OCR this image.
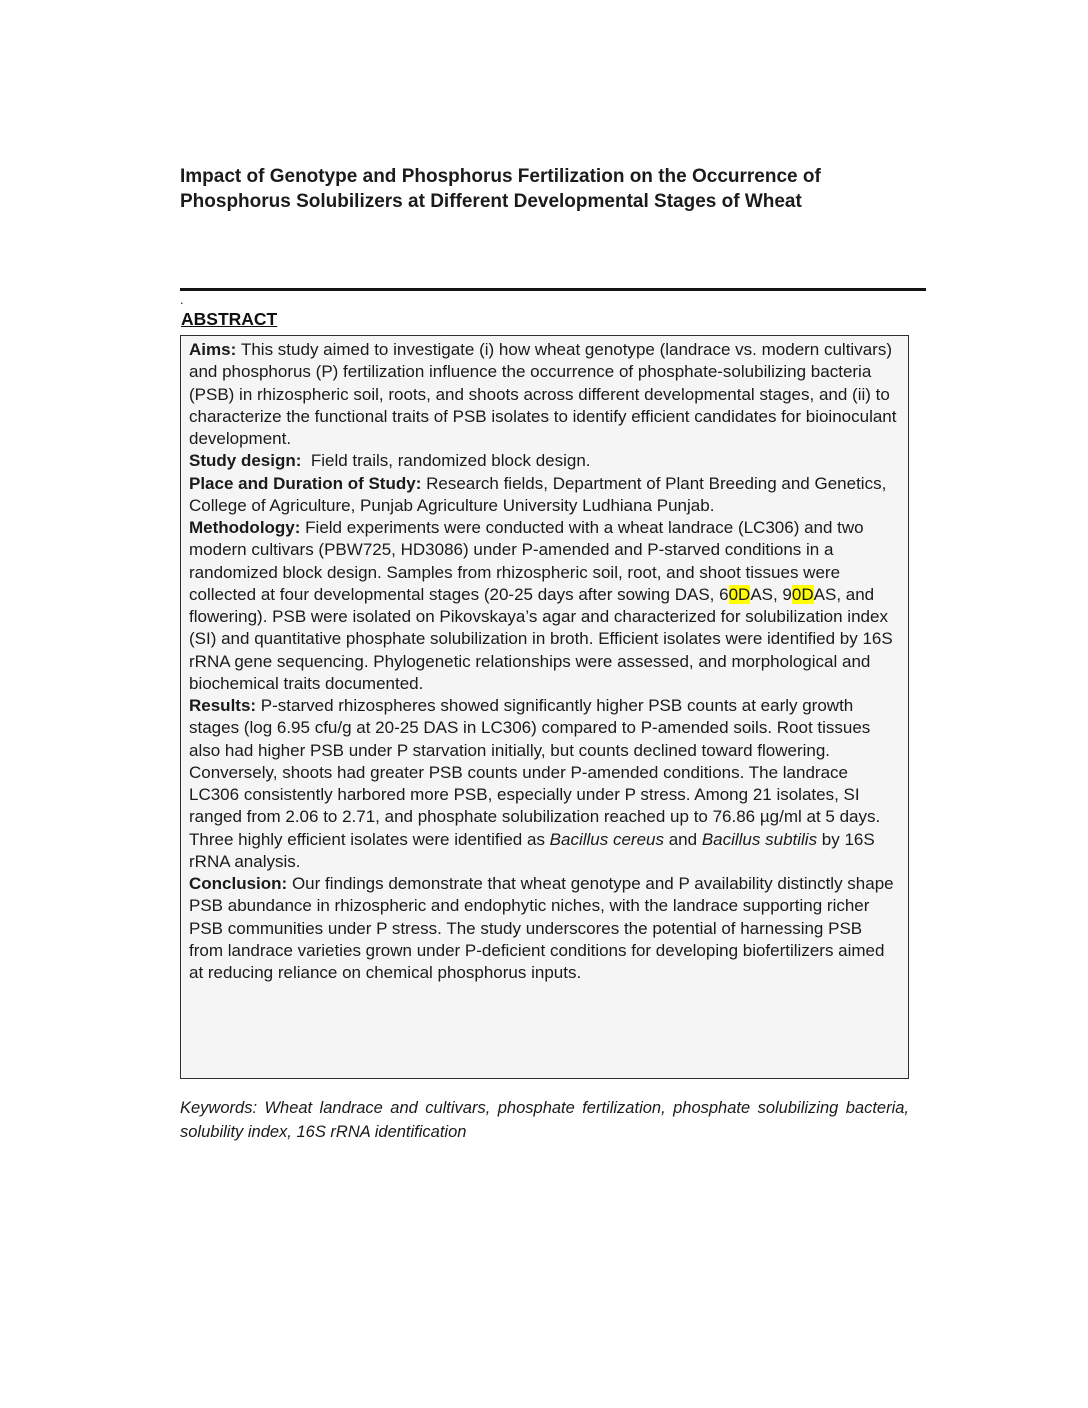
Impact of Genotype and Phosphorus Fertilization on the Occurrence of
Phosphorus Solubilizers at Different Developmental Stages of Wheat
.
ABSTRACT
Aims: This study aimed to investigate (i) how wheat genotype (landrace vs. modern cultivars) and phosphorus (P) fertilization influence the occurrence of phosphate-solubilizing bacteria (PSB) in rhizospheric soil, roots, and shoots across different developmental stages, and (ii) to characterize the functional traits of PSB isolates to identify efficient candidates for bioinoculant development.
Study design:  Field trails, randomized block design.
Place and Duration of Study: Research fields, Department of Plant Breeding and Genetics, College of Agriculture, Punjab Agriculture University Ludhiana Punjab.
Methodology: Field experiments were conducted with a wheat landrace (LC306) and two modern cultivars (PBW725, HD3086) under P-amended and P-starved conditions in a randomized block design. Samples from rhizospheric soil, root, and shoot tissues were collected at four developmental stages (20-25 days after sowing DAS, 60DAS, 90DAS, and flowering). PSB were isolated on Pikovskaya’s agar and characterized for solubilization index (SI) and quantitative phosphate solubilization in broth. Efficient isolates were identified by 16S rRNA gene sequencing. Phylogenetic relationships were assessed, and morphological and biochemical traits documented.
Results: P-starved rhizospheres showed significantly higher PSB counts at early growth stages (log 6.95 cfu/g at 20-25 DAS in LC306) compared to P-amended soils. Root tissues also had higher PSB under P starvation initially, but counts declined toward flowering. Conversely, shoots had greater PSB counts under P-amended conditions. The landrace LC306 consistently harbored more PSB, especially under P stress. Among 21 isolates, SI ranged from 2.06 to 2.71, and phosphate solubilization reached up to 76.86 µg/ml at 5 days. Three highly efficient isolates were identified as Bacillus cereus and Bacillus subtilis by 16S rRNA analysis.
Conclusion: Our findings demonstrate that wheat genotype and P availability distinctly shape PSB abundance in rhizospheric and endophytic niches, with the landrace supporting richer PSB communities under P stress. The study underscores the potential of harnessing PSB from landrace varieties grown under P-deficient conditions for developing biofertilizers aimed at reducing reliance on chemical phosphorus inputs.
Keywords: Wheat landrace and cultivars, phosphate fertilization, phosphate solubilizing bacteria, solubility index, 16S rRNA identification
